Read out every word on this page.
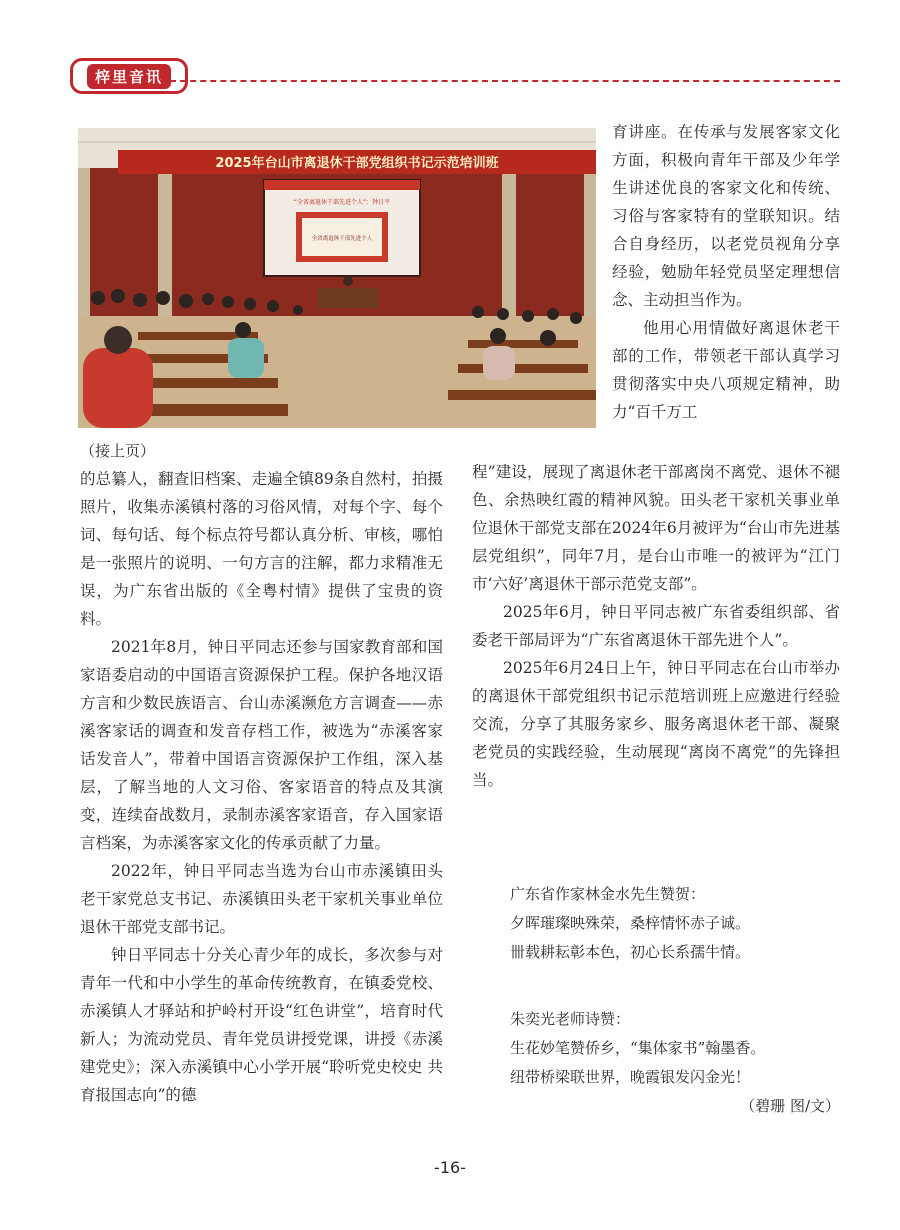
梓里音讯
2025年台山市离退休干部党组织书记示范培训班
“全省离退休干部先进个人”：钟日平
全省离退休干部先进个人
（接上页）

的总纂人，翻查旧档案、走遍全镇89条自然村，拍摄照片，收集赤溪镇村落的习俗风情，对每个字、每个词、每句话、每个标点符号都认真分析、审核，哪怕是一张照片的说明、一句方言的注解，都力求精准无误，为广东省出版的《全粤村情》提供了宝贵的资料。

2021年8月，钟日平同志还参与国家教育部和国家语委启动的中国语言资源保护工程。保护各地汉语方言和少数民族语言、台山赤溪濒危方言调查——赤溪客家话的调查和发音存档工作，被选为“赤溪客家话发音人”，带着中国语言资源保护工作组，深入基层，了解当地的人文习俗、客家语音的特点及其演变，连续奋战数月，录制赤溪客家语音，存入国家语言档案，为赤溪客家文化的传承贡献了力量。

2022年，钟日平同志当选为台山市赤溪镇田头老干家党总支书记、赤溪镇田头老干家机关事业单位退休干部党支部书记。

钟日平同志十分关心青少年的成长，多次参与对青年一代和中小学生的革命传统教育，在镇委党校、赤溪镇人才驿站和护岭村开设“红色讲堂”，培育时代新人；为流动党员、青年党员讲授党课，讲授《赤溪建党史》；深入赤溪镇中心小学开展“聆听党史校史 共育报国志向”的德

育讲座。在传承与发展客家文化方面，积极向青年干部及少年学生讲述优良的客家文化和传统、习俗与客家特有的堂联知识。结合自身经历，以老党员视角分享经验，勉励年轻党员坚定理想信念、主动担当作为。

他用心用情做好离退休老干部的工作，带领老干部认真学习贯彻落实中央八项规定精神，助力“百千万工

程”建设，展现了离退休老干部离岗不离党、退休不褪色、余热映红霞的精神风貌。田头老干家机关事业单位退休干部党支部在2024年6月被评为“台山市先进基层党组织”，同年7月，是台山市唯一的被评为“江门市‘六好’离退休干部示范党支部”。

2025年6月，钟日平同志被广东省委组织部、省委老干部局评为“广东省离退休干部先进个人”。

2025年6月24日上午，钟日平同志在台山市举办的离退休干部党组织书记示范培训班上应邀进行经验交流，分享了其服务家乡、服务离退休老干部、凝聚老党员的实践经验，生动展现“离岗不离党”的先锋担当。

广东省作家林金水先生赞贺：
夕晖璀璨映殊荣，桑梓情怀赤子诚。
卌载耕耘彰本色，初心长系孺牛情。
朱奕光老师诗赞：
生花妙笔赞侨乡，“集体家书”翰墨香。
纽带桥梁联世界，晚霞银发闪金光！
（碧珊 图/文）
-16-
